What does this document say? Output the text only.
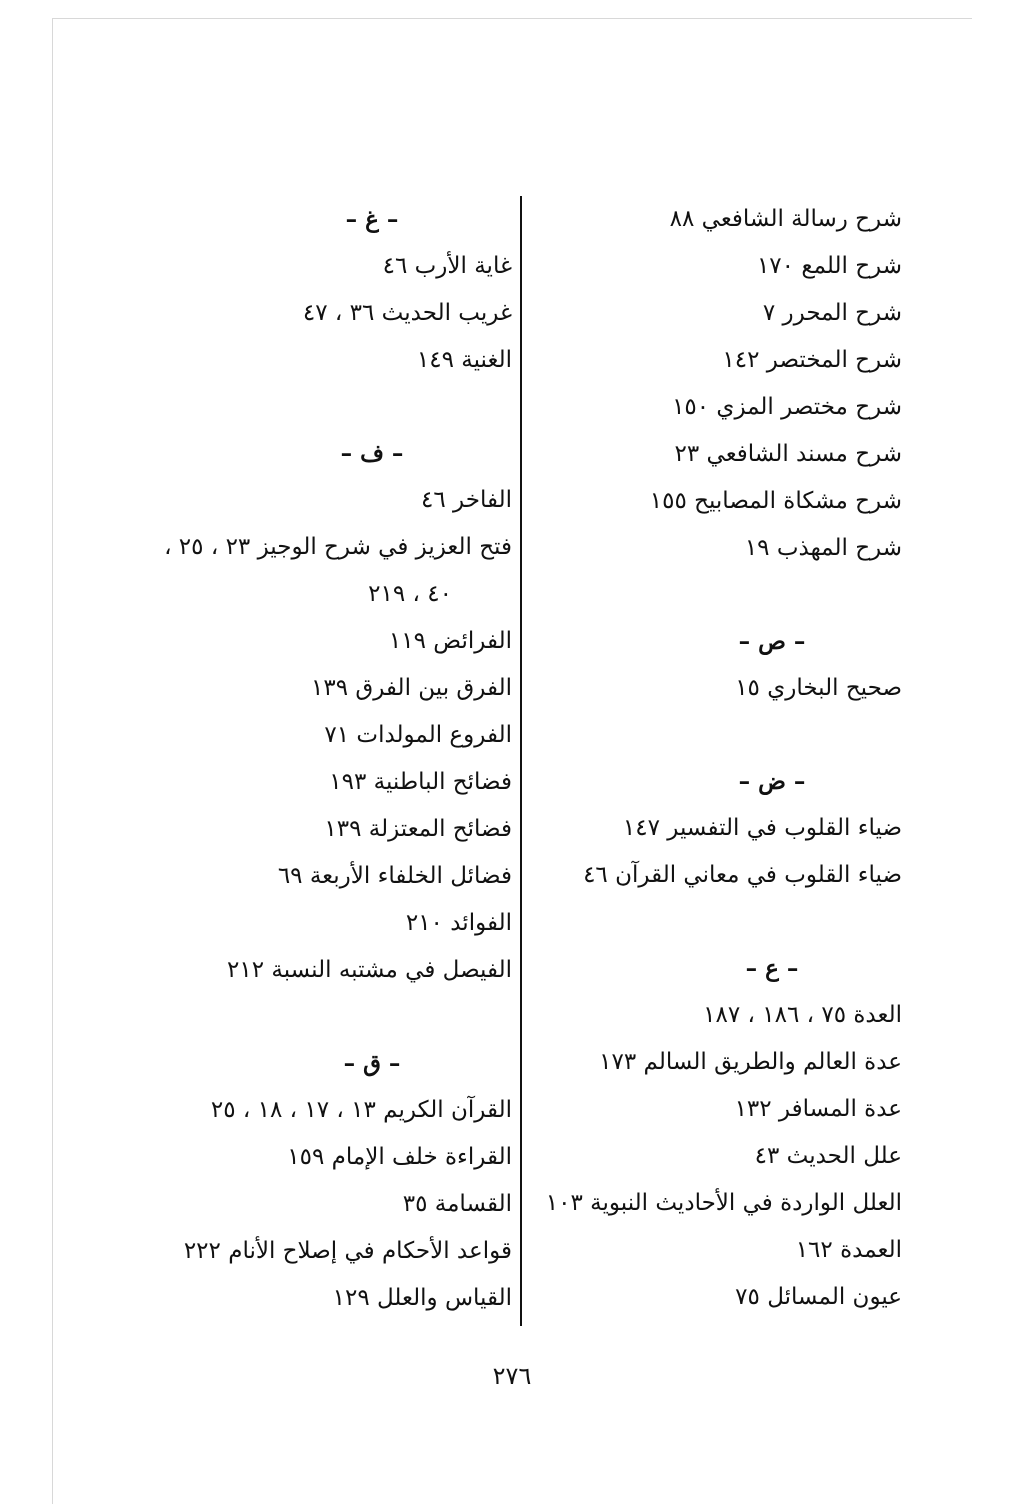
شرح رسالة الشافعي ٨٨
شرح اللمع ١٧٠
شرح المحرر ٧
شرح المختصر ١٤٢
شرح مختصر المزي ١٥٠
شرح مسند الشافعي ٢٣
شرح مشكاة المصابيح ١٥٥
شرح المهذب ١٩
– ص –
صحيح البخاري ١٥
– ض –
ضياء القلوب في التفسير ١٤٧
ضياء القلوب في معاني القرآن ٤٦
– ع –
العدة ٧٥ ، ١٨٦ ، ١٨٧
عدة العالم والطريق السالم ١٧٣
عدة المسافر ١٣٢
علل الحديث ٤٣
العلل الواردة في الأحاديث النبوية ١٠٣
العمدة ١٦٢
عيون المسائل ٧٥
– غ –
غاية الأرب ٤٦
غريب الحديث ٣٦ ، ٤٧
الغنية ١٤٩
– ف –
الفاخر ٤٦
فتح العزيز في شرح الوجيز ٢٣ ، ٢٥ ،
٤٠ ، ٢١٩
الفرائض ١١٩
الفرق بين الفرق ١٣٩
الفروع المولدات ٧١
فضائح الباطنية ١٩٣
فضائح المعتزلة ١٣٩
فضائل الخلفاء الأربعة ٦٩
الفوائد ٢١٠
الفيصل في مشتبه النسبة ٢١٢
– ق –
القرآن الكريم ١٣ ، ١٧ ، ١٨ ، ٢٥
القراءة خلف الإمام ١٥٩
القسامة ٣٥
قواعد الأحكام في إصلاح الأنام ٢٢٢
القياس والعلل ١٢٩
٢٧٦
